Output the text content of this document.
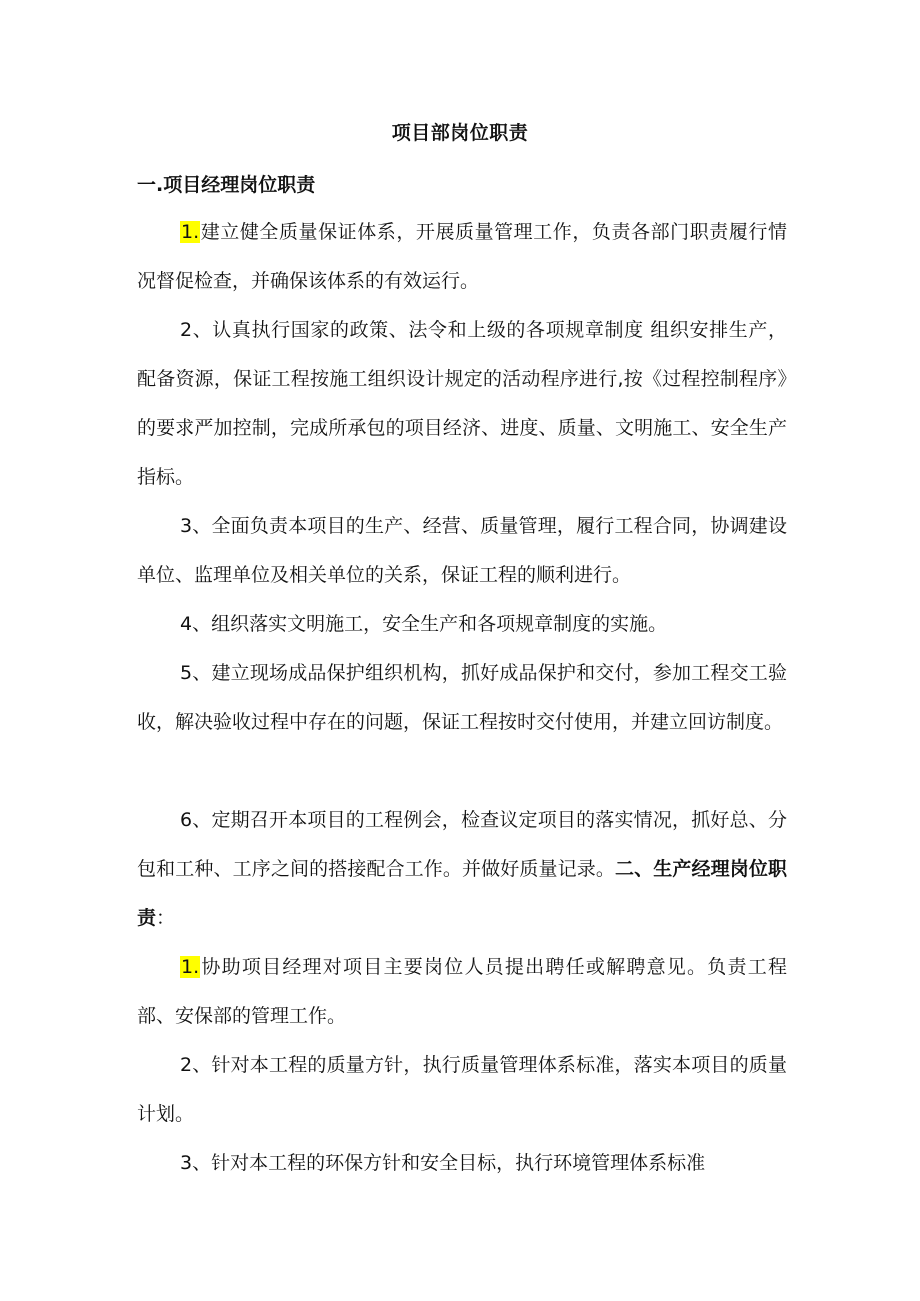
项目部岗位职责
一.项目经理岗位职责

1.建立健全质量保证体系，开展质量管理工作，负责各部门职责履行情况督促检查，并确保该体系的有效运行。

2、认真执行国家的政策、法令和上级的各项规章制度 组织安排生产，配备资源，保证工程按施工组织设计规定的活动程序进行,按《过程控制程序》的要求严加控制，完成所承包的项目经济、进度、质量、文明施工、安全生产指标。

3、全面负责本项目的生产、经营、质量管理，履行工程合同，协调建设单位、监理单位及相关单位的关系，保证工程的顺利进行。

4、组织落实文明施工，安全生产和各项规章制度的实施。

5、建立现场成品保护组织机构，抓好成品保护和交付，参加工程交工验收，解决验收过程中存在的问题，保证工程按时交付使用，并建立回访制度。

6、定期召开本项目的工程例会，检查议定项目的落实情况，抓好总、分包和工种、工序之间的搭接配合工作。并做好质量记录。二、生产经理岗位职责：

1.协助项目经理对项目主要岗位人员提出聘任或解聘意见。负责工程部、安保部的管理工作。

2、针对本工程的质量方针，执行质量管理体系标准，落实本项目的质量计划。

3、针对本工程的环保方针和安全目标，执行环境管理体系标准
